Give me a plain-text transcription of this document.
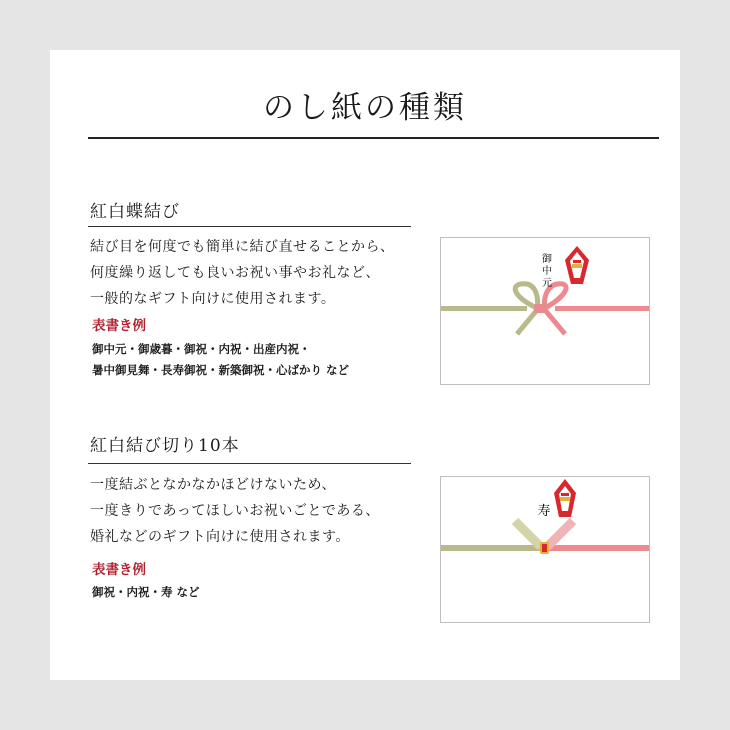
のし紙の種類
紅白蝶結び

結び目を何度でも簡単に結び直せることから、
何度繰り返しても良いお祝い事やお礼など、
一般的なギフト向けに使用されます。

表書き例
御中元・御歳暮・御祝・内祝・出産内祝・
暑中御見舞・長寿御祝・新築御祝・心ばかり など
御
中
元
紅白結び切り10本

一度結ぶとなかなかほどけないため、
一度きりであってほしいお祝いごとである、
婚礼などのギフト向けに使用されます。

表書き例
御祝・内祝・寿 など
寿
